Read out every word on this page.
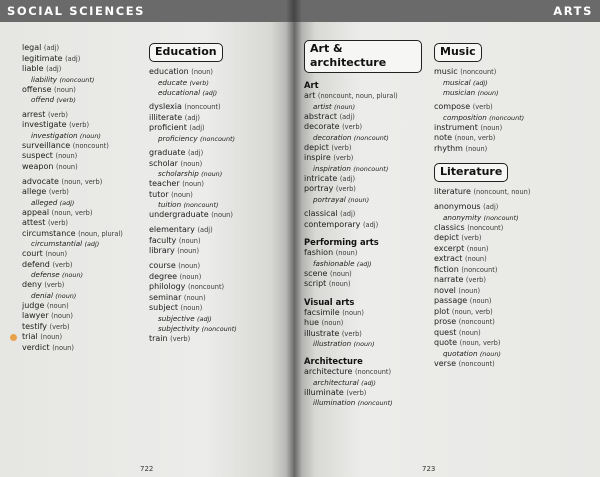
SOCIAL SCIENCES
legal (adj)
legitimate (adj)
liable (adj)
liability (noncount)
offense (noun)
offend (verb)
arrest (verb)
investigate (verb)
investigation (noun)
surveillance (noncount)
suspect (noun)
weapon (noun)
advocate (noun, verb)
allege (verb)
alleged (adj)
appeal (noun, verb)
attest (verb)
circumstance (noun, plural)
circumstantial (adj)
court (noun)
defend (verb)
defense (noun)
deny (verb)
denial (noun)
judge (noun)
lawyer (noun)
testify (verb)
trial (noun)
verdict (noun)
Education
education (noun)
educate (verb)
educational (adj)
dyslexia (noncount)
illiterate (adj)
proficient (adj)
proficiency (noncount)
graduate (adj)
scholar (noun)
scholarship (noun)
teacher (noun)
tutor (noun)
tuition (noncount)
undergraduate (noun)
elementary (adj)
faculty (noun)
library (noun)
course (noun)
degree (noun)
philology (noncount)
seminar (noun)
subject (noun)
subjective (adj)
subjectivity (noncount)
train (verb)
722
ARTS
Art & architecture
Art
art (noncount, noun, plural)
artist (noun)
abstract (adj)
decorate (verb)
decoration (noncount)
depict (verb)
inspire (verb)
inspiration (noncount)
intricate (adj)
portray (verb)
portrayal (noun)
classical (adj)
contemporary (adj)
Performing arts
fashion (noun)
fashionable (adj)
scene (noun)
script (noun)
Visual arts
facsimile (noun)
hue (noun)
illustrate (verb)
illustration (noun)
Architecture
architecture (noncount)
architectural (adj)
illuminate (verb)
illumination (noncount)
Music
music (noncount)
musical (adj)
musician (noun)
compose (verb)
composition (noncount)
instrument (noun)
note (noun, verb)
rhythm (noun)
Literature
literature (noncount, noun)
anonymous (adj)
anonymity (noncount)
classics (noncount)
depict (verb)
excerpt (noun)
extract (noun)
fiction (noncount)
narrate (verb)
novel (noun)
passage (noun)
plot (noun, verb)
prose (noncount)
quest (noun)
quote (noun, verb)
quotation (noun)
verse (noncount)
723
